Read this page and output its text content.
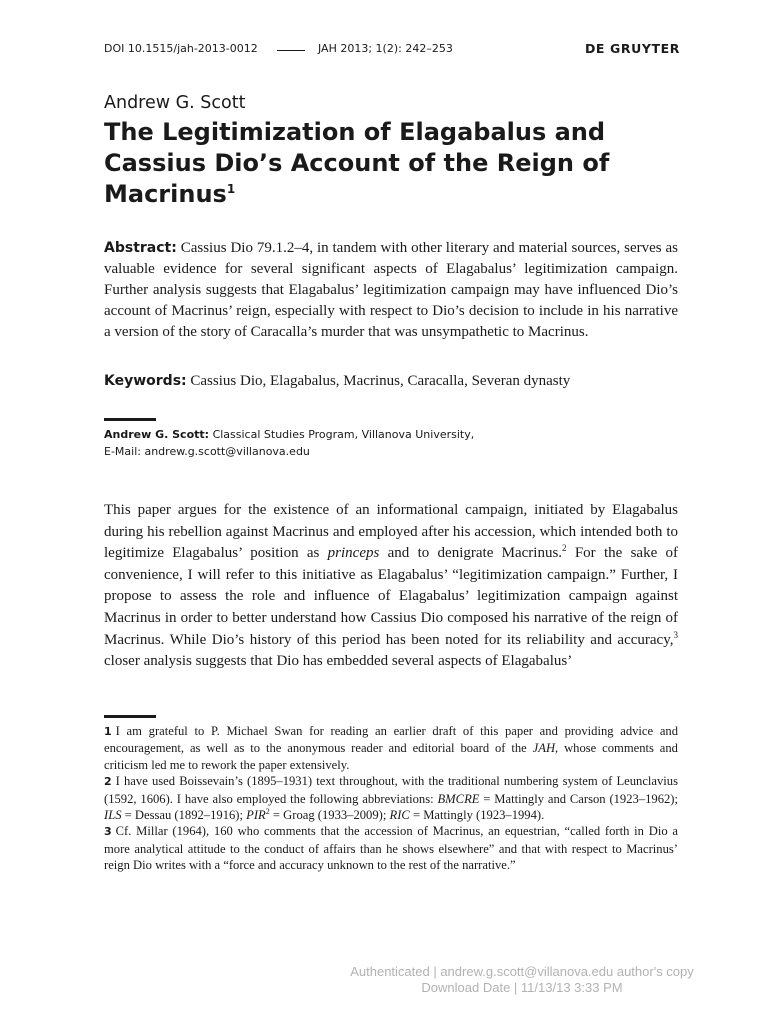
DOI 10.1515/jah-2013-0012	JAH 2013; 1(2): 242–253	DE GRUYTER
Andrew G. Scott
The Legitimization of Elagabalus and Cassius Dio’s Account of the Reign of Macrinus$^1$

Abstract: Cassius Dio 79.1.2–4, in tandem with other literary and material sources, serves as valuable evidence for several significant aspects of Elagabalus’ legitimization campaign. Further analysis suggests that Elagabalus’ legitimization campaign may have influenced Dio’s account of Macrinus’ reign, especially with respect to Dio’s decision to include in his narrative a version of the story of Caracalla’s murder that was unsympathetic to Macrinus.

Keywords: Cassius Dio, Elagabalus, Macrinus, Caracalla, Severan dynasty

Andrew G. Scott: Classical Studies Program, Villanova University,
E-Mail: andrew.g.scott@villanova.edu

This paper argues for the existence of an informational campaign, initiated by Elagabalus during his rebellion against Macrinus and employed after his accession, which intended both to legitimize Elagabalus’ position as princeps and to denigrate Macrinus.$^2$ For the sake of convenience, I will refer to this initiative as Elagabalus’ “legitimization campaign.” Further, I propose to assess the role and influence of Elagabalus’ legitimization campaign against Macrinus in order to better understand how Cassius Dio composed his narrative of the reign of Macrinus. While Dio’s history of this period has been noted for its reliability and accuracy,$^3$ closer analysis suggests that Dio has embedded several aspects of Elagabalus’

1 I am grateful to P. Michael Swan for reading an earlier draft of this paper and providing advice and encouragement, as well as to the anonymous reader and editorial board of the JAH, whose comments and criticism led me to rework the paper extensively.

2 I have used Boissevain’s (1895–1931) text throughout, with the traditional numbering system of Leunclavius (1592, 1606). I have also employed the following abbreviations: BMCRE = Mattingly and Carson (1923–1962); ILS = Dessau (1892–1916); $PIR^2$ = Groag (1933–2009); RIC = Mattingly (1923–1994).

3 Cf. Millar (1964), 160 who comments that the accession of Macrinus, an equestrian, “called forth in Dio a more analytical attitude to the conduct of affairs than he shows elsewhere” and that with respect to Macrinus’ reign Dio writes with a “force and accuracy unknown to the rest of the narrative.”

Authenticated | andrew.g.scott@villanova.edu author's copy
Download Date | 11/13/13 3:33 PM
